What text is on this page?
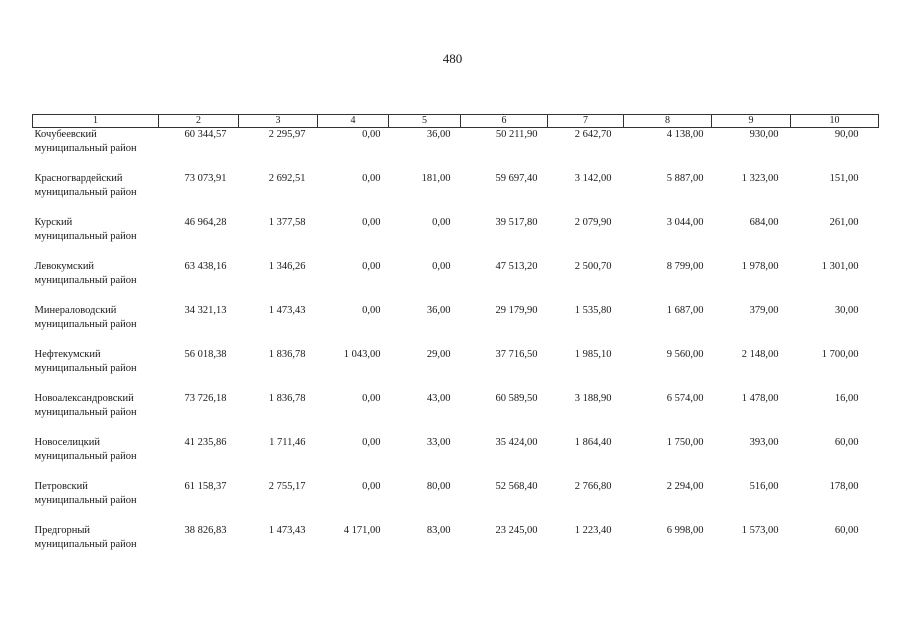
480
1	2	3	4	5	6	7	8	9	10

Кочубеевский
муниципальный район	60 344,57	2 295,97	0,00	36,00	50 211,90	2 642,70	4 138,00	930,00	90,00

Красногвардейский
муниципальный район	73 073,91	2 692,51	0,00	181,00	59 697,40	3 142,00	5 887,00	1 323,00	151,00

Курский
муниципальный район	46 964,28	1 377,58	0,00	0,00	39 517,80	2 079,90	3 044,00	684,00	261,00

Левокумский
муниципальный район	63 438,16	1 346,26	0,00	0,00	47 513,20	2 500,70	8 799,00	1 978,00	1 301,00

Минераловодский
муниципальный район	34 321,13	1 473,43	0,00	36,00	29 179,90	1 535,80	1 687,00	379,00	30,00

Нефтекумский
муниципальный район	56 018,38	1 836,78	1 043,00	29,00	37 716,50	1 985,10	9 560,00	2 148,00	1 700,00

Новоалександровский
муниципальный район	73 726,18	1 836,78	0,00	43,00	60 589,50	3 188,90	6 574,00	1 478,00	16,00

Новоселицкий
муниципальный район	41 235,86	1 711,46	0,00	33,00	35 424,00	1 864,40	1 750,00	393,00	60,00

Петровский
муниципальный район	61 158,37	2 755,17	0,00	80,00	52 568,40	2 766,80	2 294,00	516,00	178,00

Предгорный
муниципальный район	38 826,83	1 473,43	4 171,00	83,00	23 245,00	1 223,40	6 998,00	1 573,00	60,00
